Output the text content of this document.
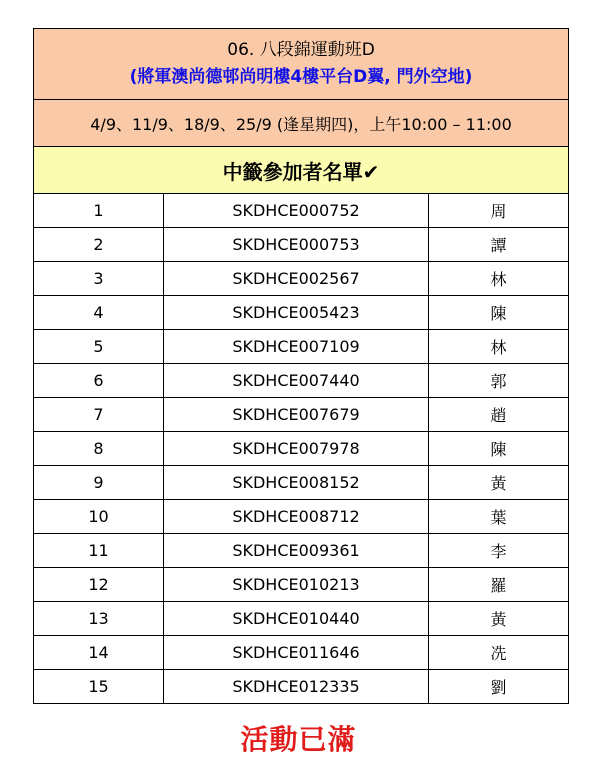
06. 八段錦運動班D
(將軍澳尚德邨尚明樓4樓平台D翼, 門外空地)		

4/9、11/9、18/9、25/9 (逢星期四)，上午10:00 – 11:00		
中籤參加者名單✔		
1	SKDHCE000752	周
2	SKDHCE000753	譚
3	SKDHCE002567	林
4	SKDHCE005423	陳
5	SKDHCE007109	林
6	SKDHCE007440	郭
7	SKDHCE007679	趙
8	SKDHCE007978	陳
9	SKDHCE008152	黃
10	SKDHCE008712	葉
11	SKDHCE009361	李
12	SKDHCE010213	羅
13	SKDHCE010440	黃
14	SKDHCE011646	冼
15	SKDHCE012335	劉
活動已滿
